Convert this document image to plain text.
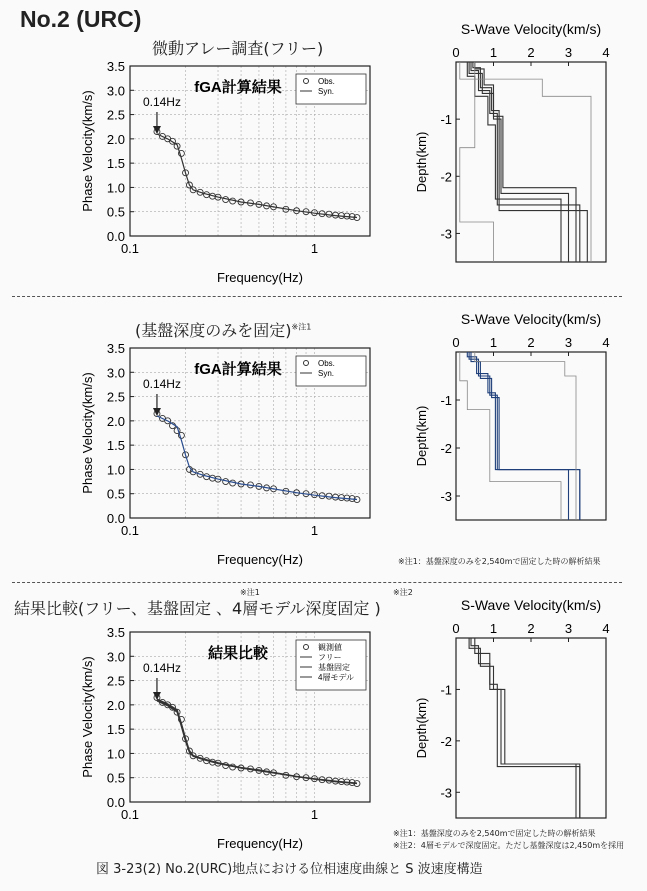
No.2 (URC)
微動アレー調査(フリー)
(基盤深度のみを固定)$^{※注1}$
結果比較(フリー、基盤固定 、4層モデル深度固定 )
※注1	※注2
0.0
0.5
1.0
1.5
2.0
2.5
3.0
3.5
0.1	1
Frequency(Hz)
Phase Velocity(km/s)	0.14Hz
fGA計算結果	Obs.
Syn.
0.0
0.5
1.0
1.5
2.0
2.5
3.0
3.5
0.1	1
Frequency(Hz)
Phase Velocity(km/s)	0.14Hz
fGA計算結果	Obs.
Syn.
0.0
0.5
1.0
1.5
2.0
2.5
3.0
3.5
0.1	1
Frequency(Hz)
Phase Velocity(km/s)	0.14Hz
結果比較	観測値
フリー
基盤固定
4層モデル
S-Wave Velocity(km/s)
0 1 2 3 4
-1
-2
-3
Depth(km)
S-Wave Velocity(km/s)
0 1 2 3 4
-1
-2
-3
Depth(km)
S-Wave Velocity(km/s)
0 1 2 3 4
-1
-2
-3
Depth(km)
※注1：基盤深度のみを2,540mで固定した時の解析結果
※注1：基盤深度のみを2,540mで固定した時の解析結果
※注2：4層モデルで深度固定。ただし基盤深度は2,450mを採用
図 3-23(2) No.2(URC)地点における位相速度曲線と S 波速度構造
